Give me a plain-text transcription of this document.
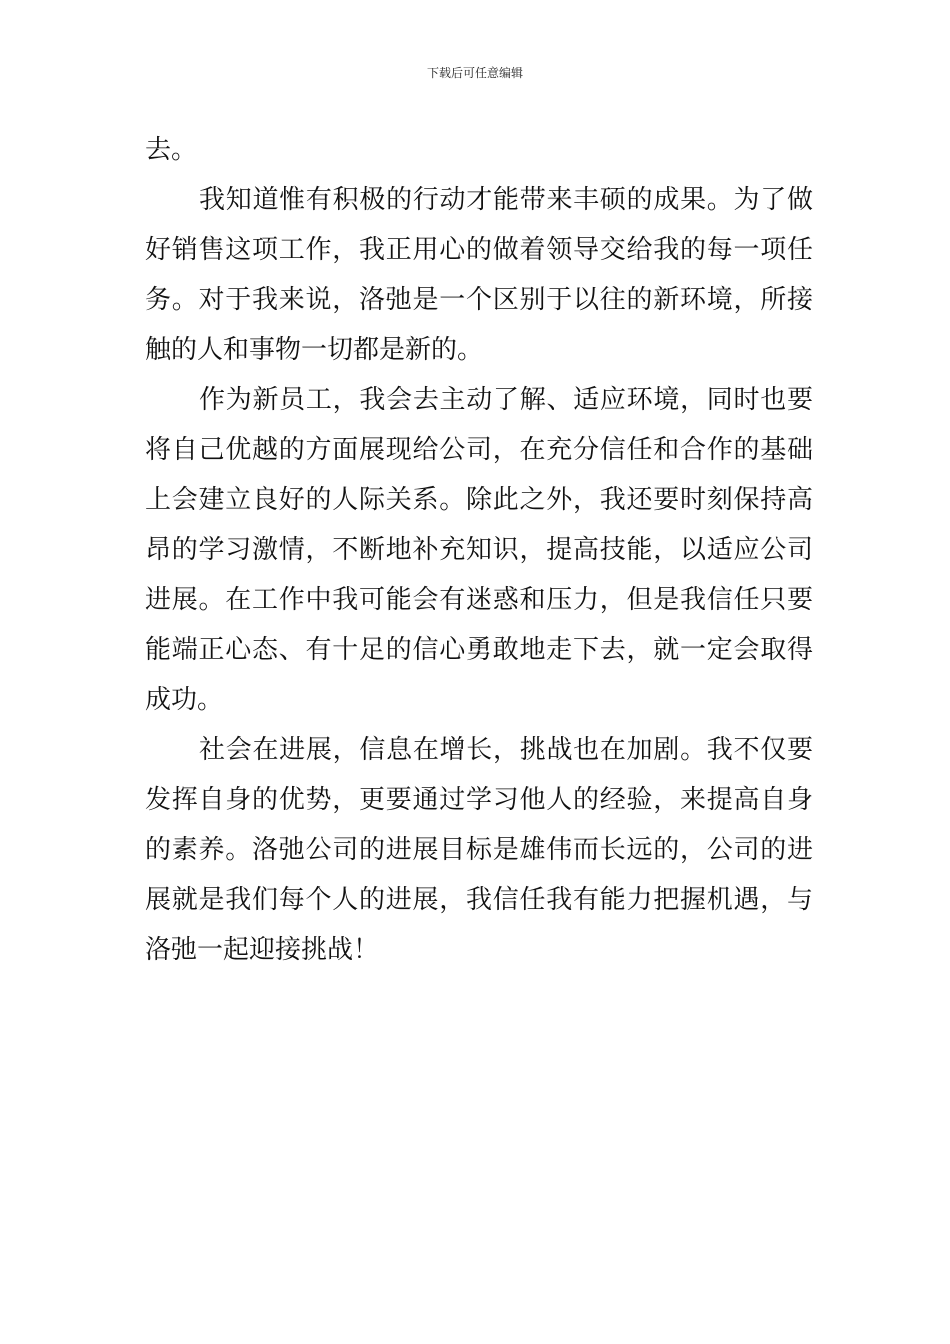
下载后可任意编辑
去。
我知道惟有积极的行动才能带来丰硕的成果。为了做
好销售这项工作，我正用心的做着领导交给我的每一项任
务。对于我来说，洛弛是一个区别于以往的新环境，所接
触的人和事物一切都是新的。
作为新员工，我会去主动了解、适应环境，同时也要
将自己优越的方面展现给公司，在充分信任和合作的基础
上会建立良好的人际关系。除此之外，我还要时刻保持高
昂的学习激情，不断地补充知识，提高技能，以适应公司
进展。在工作中我可能会有迷惑和压力，但是我信任只要
能端正心态、有十足的信心勇敢地走下去，就一定会取得
成功。
社会在进展，信息在增长，挑战也在加剧。我不仅要
发挥自身的优势，更要通过学习他人的经验，来提高自身
的素养。洛弛公司的进展目标是雄伟而长远的，公司的进
展就是我们每个人的进展，我信任我有能力把握机遇，与
洛弛一起迎接挑战！
